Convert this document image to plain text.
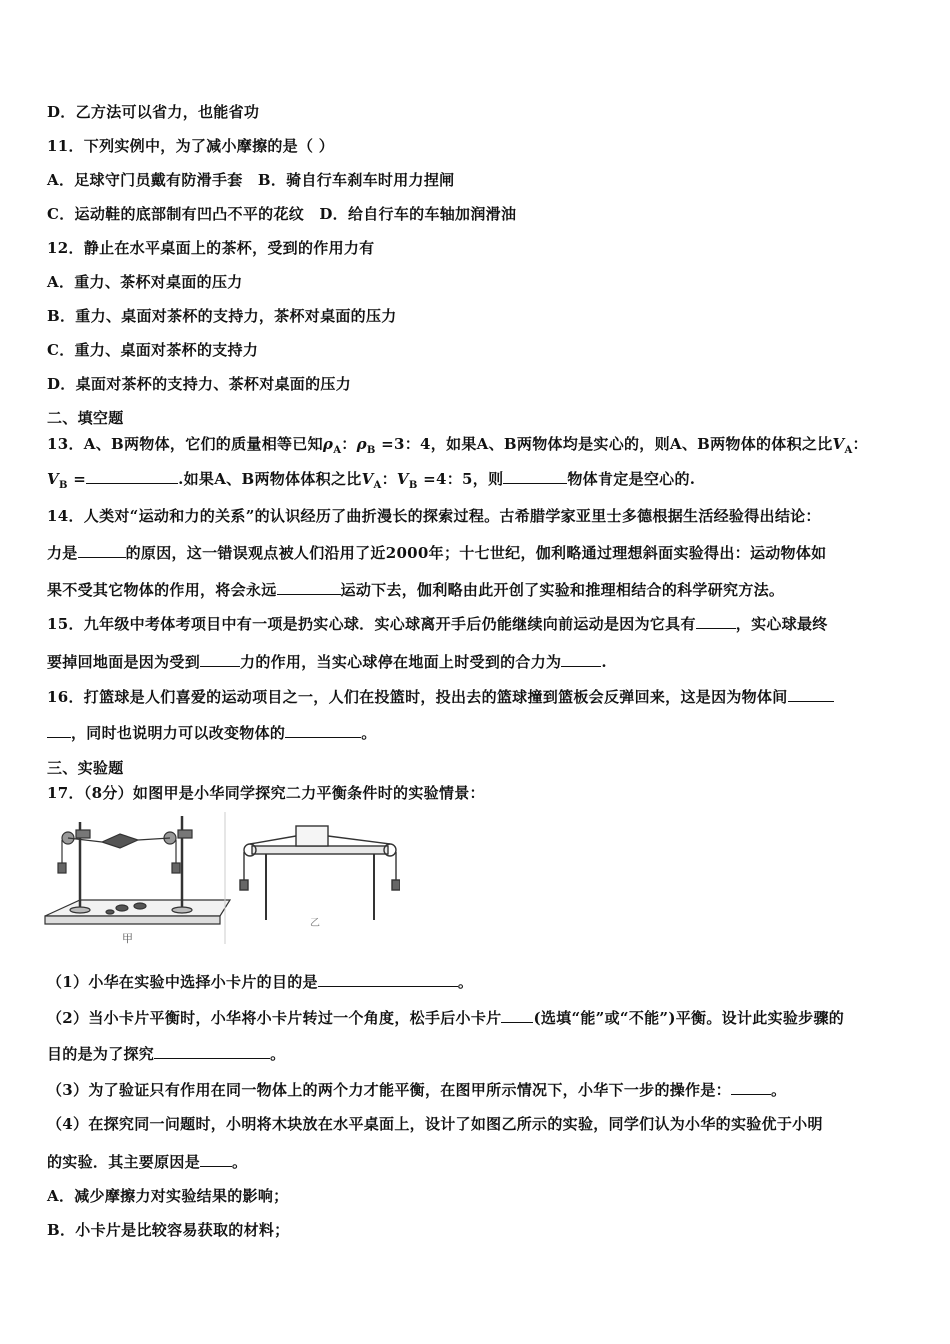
D．乙方法可以省力，也能省功
11．下列实例中，为了减小摩擦的是（ ）
A．足球守门员戴有防滑手套　B．骑自行车刹车时用力捏闸
C．运动鞋的底部制有凹凸不平的花纹　D．给自行车的车轴加润滑油
12．静止在水平桌面上的茶杯，受到的作用力有
A．重力、茶杯对桌面的压力
B．重力、桌面对茶杯的支持力，茶杯对桌面的压力
C．重力、桌面对茶杯的支持力
D．桌面对茶杯的支持力、茶杯对桌面的压力
二、填空题
13．A、B两物体，它们的质量相等已知$\rho_A$：$\rho_B =3$：4，如果A、B两物体均是实心的，则A、B两物体的体积之比$V_A$：
$V_B$ =	.如果A、B两物体体积之比$V_A$：$V_B =4$：5，则	物体肯定是空心的.
14．人类对“运动和力的关系”的认识经历了曲折漫长的探索过程。古希腊学家亚里士多德根据生活经验得出结论：
力是	的原因，这一错误观点被人们沿用了近2000年；十七世纪，伽利略通过理想斜面实验得出：运动物体如
果不受其它物体的作用，将会永远	运动下去，伽利略由此开创了实验和推理相结合的科学研究方法。
15．九年级中考体考项目中有一项是扔实心球．实心球离开手后仍能继续向前运动是因为它具有	，实心球最终
要掉回地面是因为受到	力的作用，当实心球停在地面上时受到的合力为	.
16．打篮球是人们喜爱的运动项目之一，人们在投篮时，投出去的篮球撞到篮板会反弹回来，这是因为物体间
，同时也说明力可以改变物体的	。
三、实验题
17．（8分）如图甲是小华同学探究二力平衡条件时的实验情景：
甲
乙
（1）小华在实验中选择小卡片的目的是	。
（2）当小卡片平衡时，小华将小卡片转过一个角度，松手后小卡片 (选填“能”或“不能”)平衡。设计此实验步骤的
目的是为了探究	。
（3）为了验证只有作用在同一物体上的两个力才能平衡，在图甲所示情况下，小华下一步的操作是：	。
（4）在探究同一问题时，小明将木块放在水平桌面上，设计了如图乙所示的实验，同学们认为小华的实验优于小明
的实验．其主要原因是 。
A．减少摩擦力对实验结果的影响；
B．小卡片是比较容易获取的材料；
